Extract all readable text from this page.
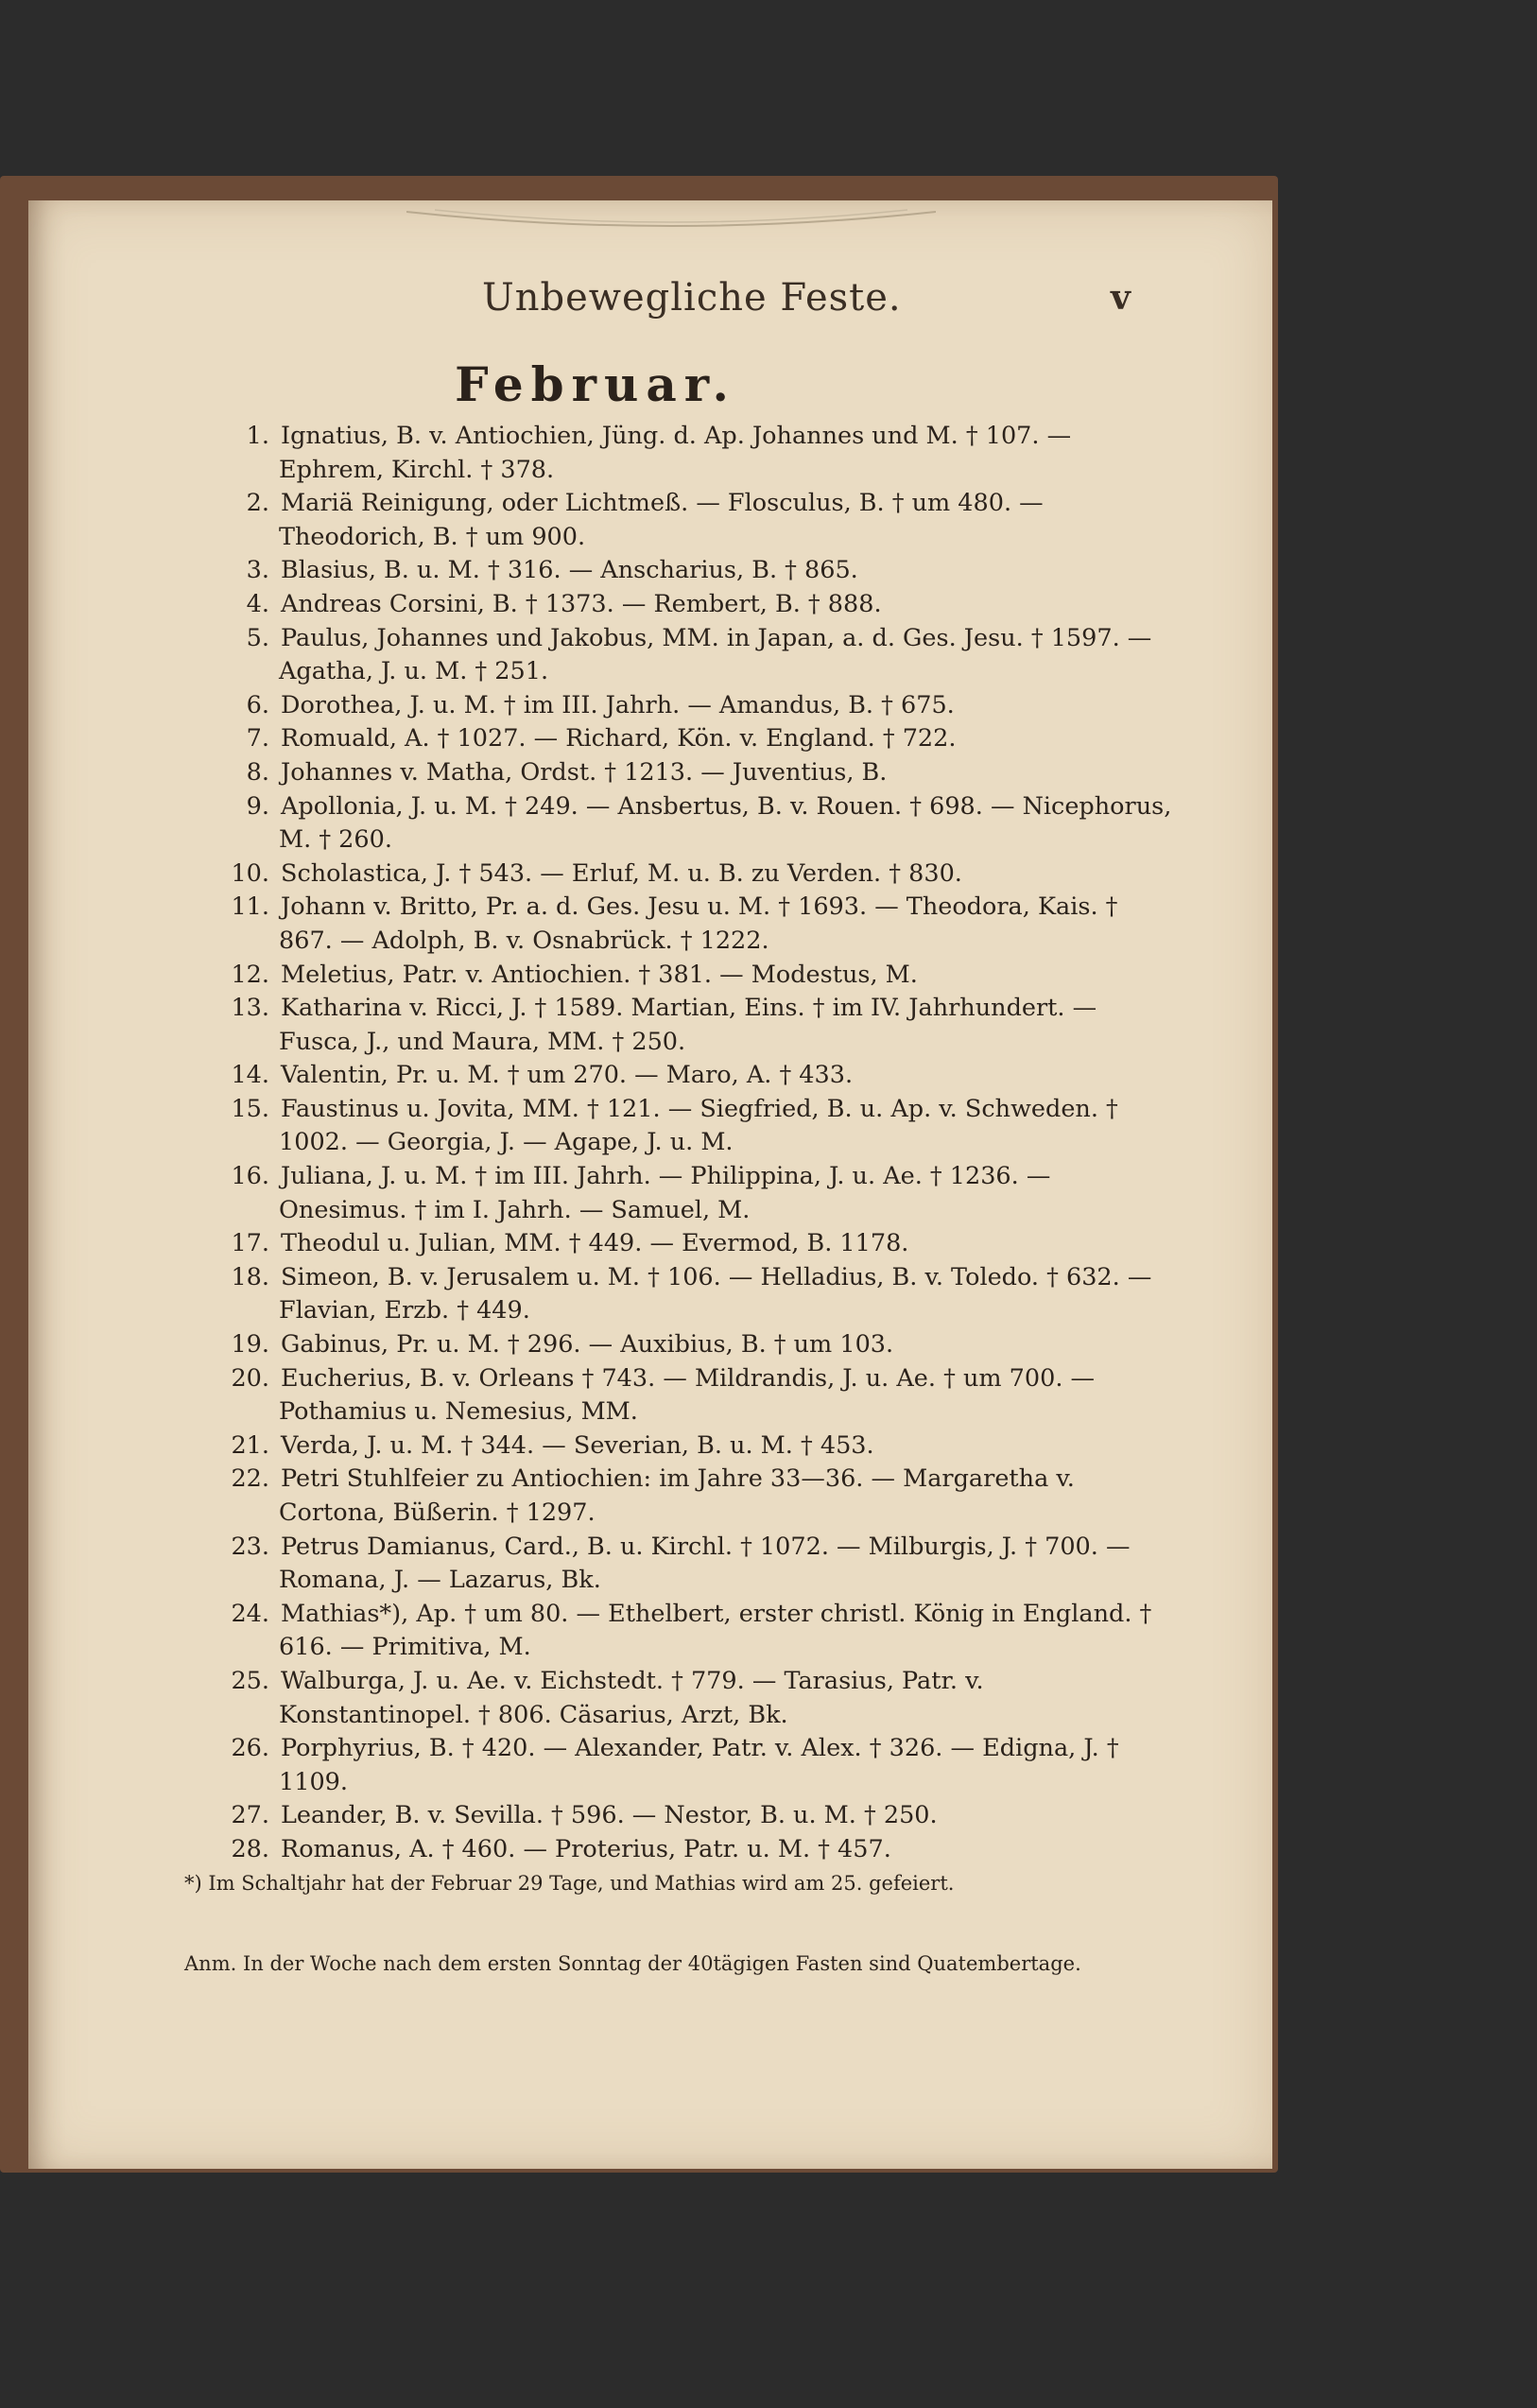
Unbewegliche Feste.	v
Februar.
1. Ignatius, B. v. Antiochien, Jüng. d. Ap. Johannes und M. † 107. — Ephrem, Kirchl. † 378.
2. Mariä Reinigung, oder Lichtmeß. — Flosculus, B. † um 480. — Theodorich, B. † um 900.
3. Blasius, B. u. M. † 316. — Anscharius, B. † 865.
4. Andreas Corsini, B. † 1373. — Rembert, B. † 888.
5. Paulus, Johannes und Jakobus, MM. in Japan, a. d. Ges. Jesu. † 1597. — Agatha, J. u. M. † 251.
6. Dorothea, J. u. M. † im III. Jahrh. — Amandus, B. † 675.
7. Romuald, A. † 1027. — Richard, Kön. v. England. † 722.
8. Johannes v. Matha, Ordst. † 1213. — Juventius, B.
9. Apollonia, J. u. M. † 249. — Ansbertus, B. v. Rouen. † 698. — Nicephorus, M. † 260.
10. Scholastica, J. † 543. — Erluf, M. u. B. zu Verden. † 830.
11. Johann v. Britto, Pr. a. d. Ges. Jesu u. M. † 1693. — Theodora, Kais. † 867. — Adolph, B. v. Osnabrück. † 1222.
12. Meletius, Patr. v. Antiochien. † 381. — Modestus, M.
13. Katharina v. Ricci, J. † 1589. Martian, Eins. † im IV. Jahrhundert. — Fusca, J., und Maura, MM. † 250.
14. Valentin, Pr. u. M. † um 270. — Maro, A. † 433.
15. Faustinus u. Jovita, MM. † 121. — Siegfried, B. u. Ap. v. Schweden. † 1002. — Georgia, J. — Agape, J. u. M.
16. Juliana, J. u. M. † im III. Jahrh. — Philippina, J. u. Ae. † 1236. — Onesimus. † im I. Jahrh. — Samuel, M.
17. Theodul u. Julian, MM. † 449. — Evermod, B. 1178.
18. Simeon, B. v. Jerusalem u. M. † 106. — Helladius, B. v. Toledo. † 632. — Flavian, Erzb. † 449.
19. Gabinus, Pr. u. M. † 296. — Auxibius, B. † um 103.
20. Eucherius, B. v. Orleans † 743. — Mildrandis, J. u. Ae. † um 700. — Pothamius u. Nemesius, MM.
21. Verda, J. u. M. † 344. — Severian, B. u. M. † 453.
22. Petri Stuhlfeier zu Antiochien: im Jahre 33—36. — Margaretha v. Cortona, Büßerin. † 1297.
23. Petrus Damianus, Card., B. u. Kirchl. † 1072. — Milburgis, J. † 700. — Romana, J. — Lazarus, Bk.
24. Mathias*), Ap. † um 80. — Ethelbert, erster christl. König in England. † 616. — Primitiva, M.
25. Walburga, J. u. Ae. v. Eichstedt. † 779. — Tarasius, Patr. v. Konstantinopel. † 806. Cäsarius, Arzt, Bk.
26. Porphyrius, B. † 420. — Alexander, Patr. v. Alex. † 326. — Edigna, J. † 1109.
27. Leander, B. v. Sevilla. † 596. — Nestor, B. u. M. † 250.
28. Romanus, A. † 460. — Proterius, Patr. u. M. † 457.
*) Im Schaltjahr hat der Februar 29 Tage, und Mathias wird am 25. gefeiert.
Anm. In der Woche nach dem ersten Sonntag der 40tägigen Fasten sind Quatembertage.
